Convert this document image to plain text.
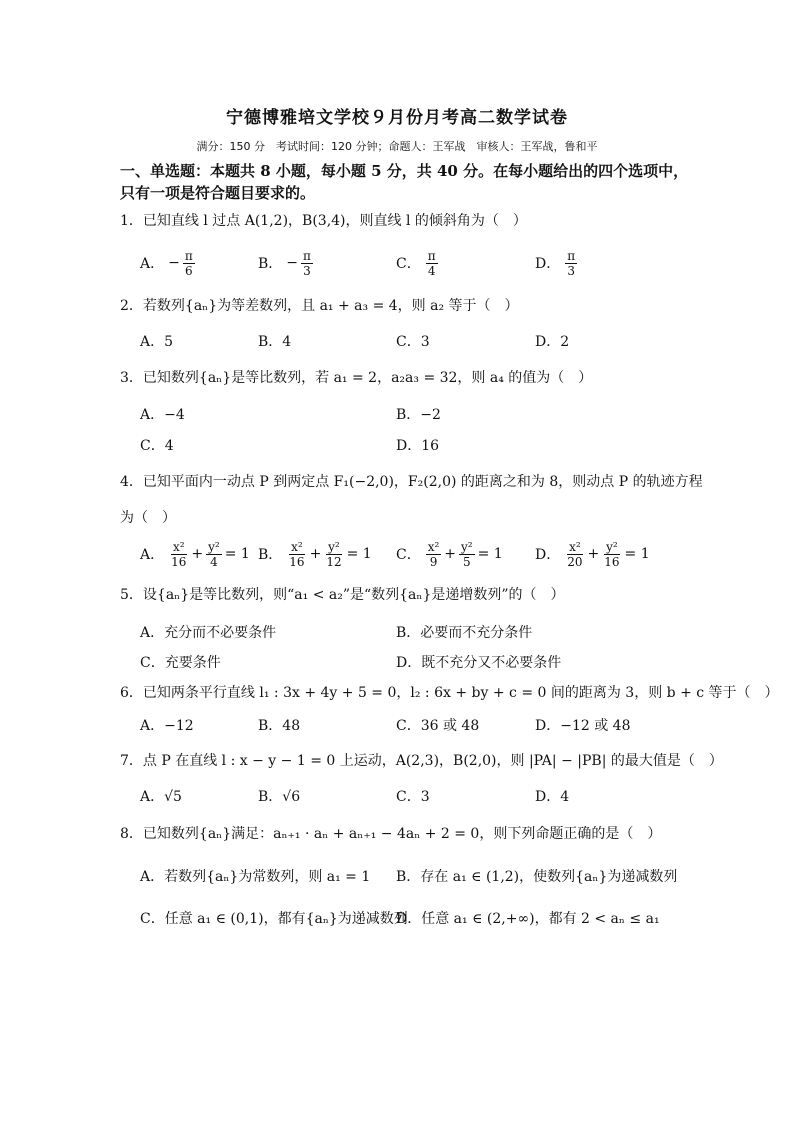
宁德博雅培文学校９月份月考高二数学试卷
满分：150 分　考试时间：120 分钟；命题人：王军战　审核人：王军战，鲁和平
一、单选题：本题共 8 小题，每小题 5 分，共 40 分。在每小题给出的四个选项中，只有一项是符合题目要求的。
1．已知直线 l 过点 A(1,2)，B(3,4)，则直线 l 的倾斜角为（　）
A． − $\frac{\pi}{6}$	B． − $\frac{\pi}{3}$	C． $\frac{\pi}{4}$	D． $\frac{\pi}{3}$
2．若数列{aₙ}为等差数列，且 a₁ + a₃ = 4，则 a₂ 等于（　）
A．5	B．4	C．3	D．2
3．已知数列{aₙ}是等比数列，若 a₁ = 2，a₂a₃ = 32，则 a₄ 的值为（　）
A．−4	B．−2
C．4	D．16
4．已知平面内一动点 P 到两定点 F₁(−2,0)，F₂(2,0) 的距离之和为 8，则动点 P 的轨迹方程
为（　）
A． $\frac{\text{x²}}{16} + \frac{\text{y²}}{4} = 1$ B． $\frac{\text{x²}}{16} + \frac{\text{y²}}{12} = 1$ C． $\frac{\text{x²}}{9} + \frac{\text{y²}}{5} = 1$ D． $\frac{\text{x²}}{20} + \frac{\text{y²}}{16} = 1$
5．设{aₙ}是等比数列，则“a₁ < a₂”是“数列{aₙ}是递增数列”的（　）
A．充分而不必要条件	B．必要而不充分条件
C．充要条件	D．既不充分又不必要条件
6．已知两条平行直线 l₁ : 3x + 4y + 5 = 0，l₂ : 6x + by + c = 0 间的距离为 3，则 b + c 等于（　）
A．−12	B．48	C．36 或 48	D．−12 或 48
7．点 P 在直线 l : x − y − 1 = 0 上运动，A(2,3)，B(2,0)，则 |PA| − |PB| 的最大值是（　）
A．√5	B．√6	C．3	D．4
8．已知数列{aₙ}满足：aₙ₊₁ · aₙ + aₙ₊₁ − 4aₙ + 2 = 0，则下列命题正确的是（　）
A．若数列{aₙ}为常数列，则 a₁ = 1 B．存在 a₁ ∈ (1,2)，使数列{aₙ}为递减数列
C．任意 a₁ ∈ (0,1)，都有{aₙ}为递减数列
D．任意 a₁ ∈ (2,+∞)，都有 2 < aₙ ≤ a₁
